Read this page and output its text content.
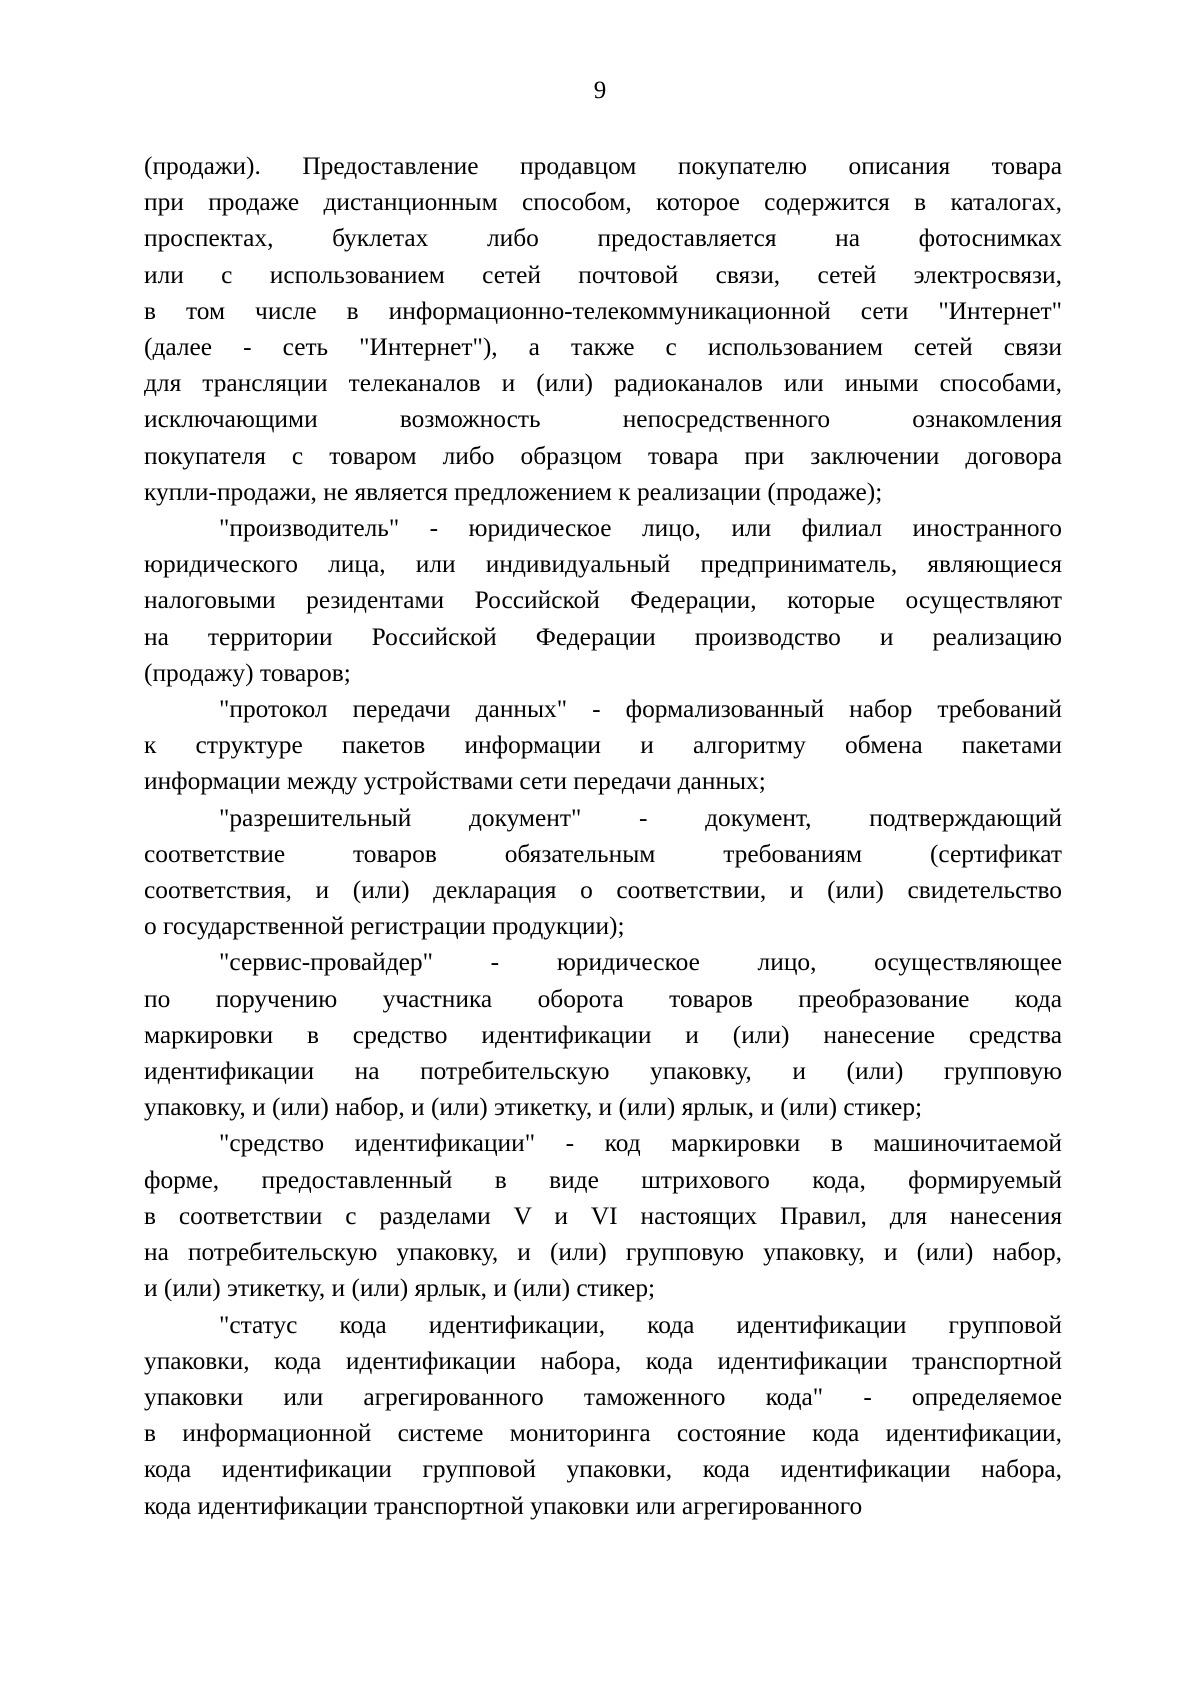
9
(продажи). Предоставление продавцом покупателю описания товара
при продаже дистанционным способом, которое содержится в каталогах,
проспектах, буклетах либо предоставляется на фотоснимках
или с использованием сетей почтовой связи, сетей электросвязи,
в том числе в информационно-телекоммуникационной сети "Интернет"
(далее - сеть "Интернет"), а также с использованием сетей связи
для трансляции телеканалов и (или) радиоканалов или иными способами,
исключающими возможность непосредственного ознакомления
покупателя с товаром либо образцом товара при заключении договора
купли-продажи, не является предложением к реализации (продаже);
"производитель" - юридическое лицо, или филиал иностранного
юридического лица, или индивидуальный предприниматель, являющиеся
налоговыми резидентами Российской Федерации, которые осуществляют
на территории Российской Федерации производство и реализацию
(продажу) товаров;
"протокол передачи данных" - формализованный набор требований
к структуре пакетов информации и алгоритму обмена пакетами
информации между устройствами сети передачи данных;
"разрешительный документ" - документ, подтверждающий
соответствие товаров обязательным требованиям (сертификат
соответствия, и (или) декларация о соответствии, и (или) свидетельство
о государственной регистрации продукции);
"сервис-провайдер" - юридическое лицо, осуществляющее
по поручению участника оборота товаров преобразование кода
маркировки в средство идентификации и (или) нанесение средства
идентификации на потребительскую упаковку, и (или) групповую
упаковку, и (или) набор, и (или) этикетку, и (или) ярлык, и (или) стикер;
"средство идентификации" - код маркировки в машиночитаемой
форме, предоставленный в виде штрихового кода, формируемый
в соответствии с разделами V и VI настоящих Правил, для нанесения
на потребительскую упаковку, и (или) групповую упаковку, и (или) набор,
и (или) этикетку, и (или) ярлык, и (или) стикер;
"статус кода идентификации, кода идентификации групповой
упаковки, кода идентификации набора, кода идентификации транспортной
упаковки или агрегированного таможенного кода" - определяемое
в информационной системе мониторинга состояние кода идентификации,
кода идентификации групповой упаковки, кода идентификации набора,
кода идентификации транспортной упаковки или агрегированного
